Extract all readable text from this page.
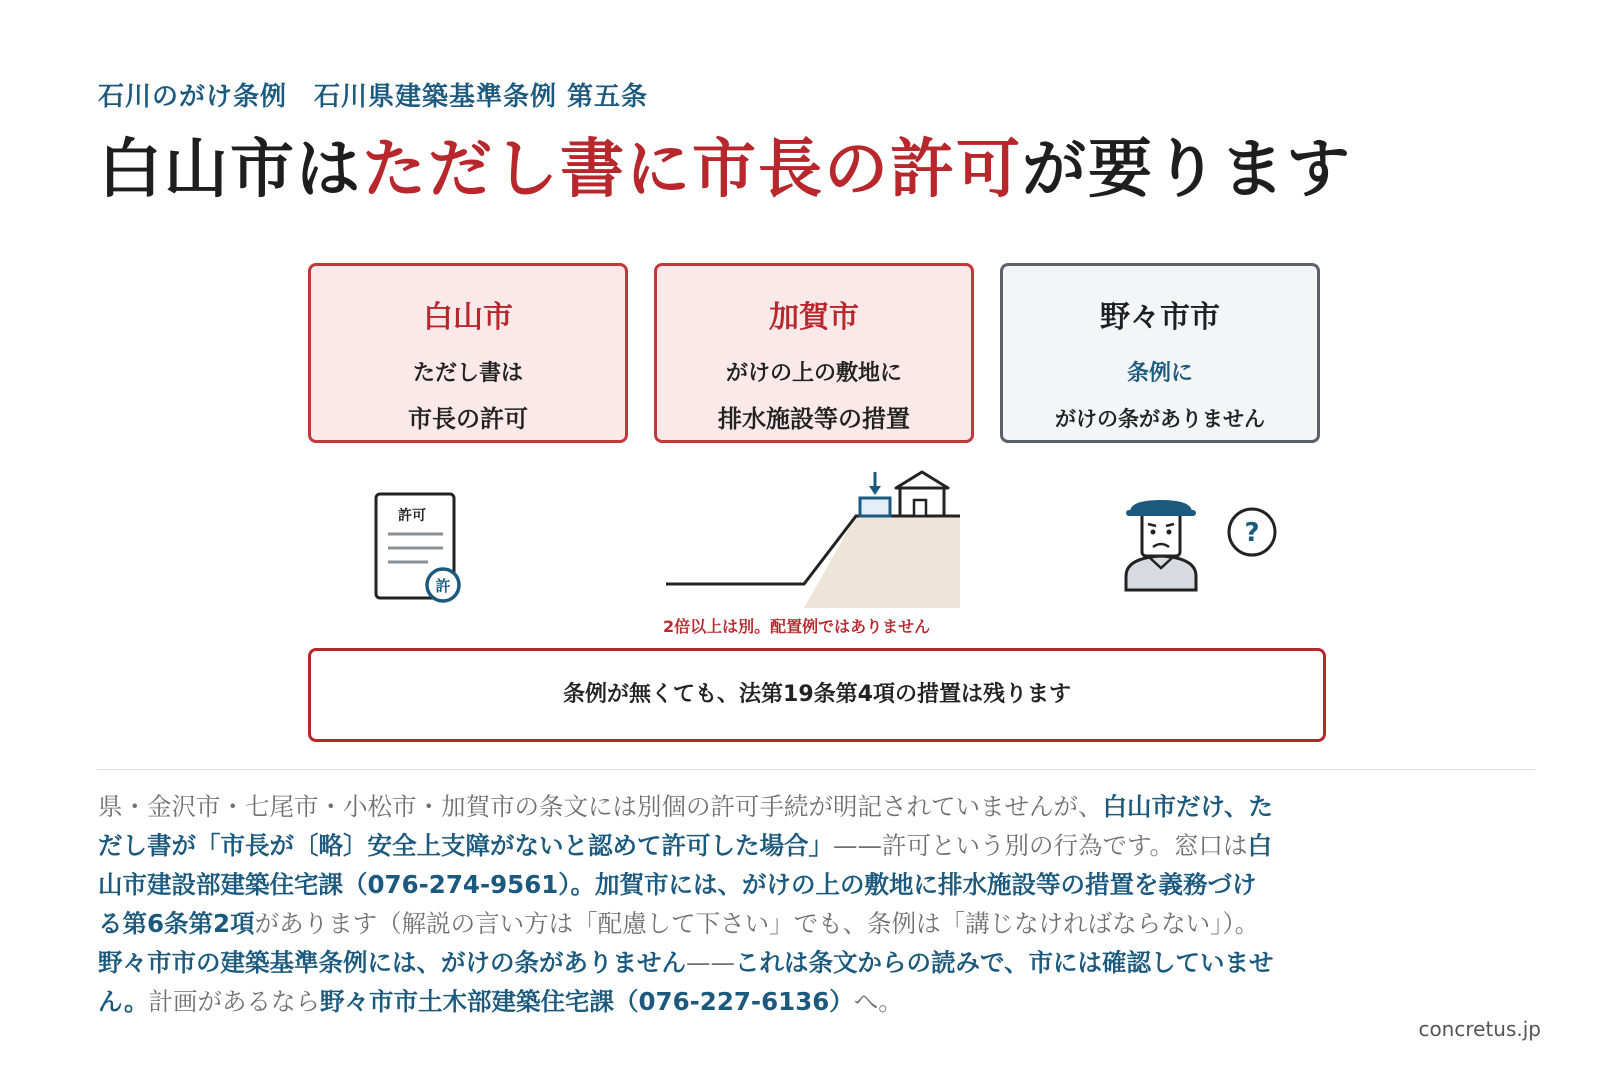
石川のがけ条例　石川県建築基準条例 第五条
白山市はただし書に市長の許可が要ります
白山市
ただし書は
市長の許可
加賀市
がけの上の敷地に
排水施設等の措置
野々市市
条例に
がけの条がありません
許可
許
2倍以上は別。配置例ではありません
?
条例が無くても、法第19条第4項の措置は残ります

県・金沢市・七尾市・小松市・加賀市の条文には別個の許可手続が明記されていませんが、白山市だけ、ただし書が「市長が〔略〕安全上支障がないと認めて許可した場合」——許可という別の行為です。窓口は白山市建設部建築住宅課（076-274-9561）。加賀市には、がけの上の敷地に排水施設等の措置を義務づける第6条第2項があります（解説の言い方は「配慮して下さい」でも、条例は「講じなければならない」）。野々市市の建築基準条例には、がけの条がありません——これは条文からの読みで、市には確認していません。計画があるなら野々市市土木部建築住宅課（076-227-6136）へ。

concretus.jp
